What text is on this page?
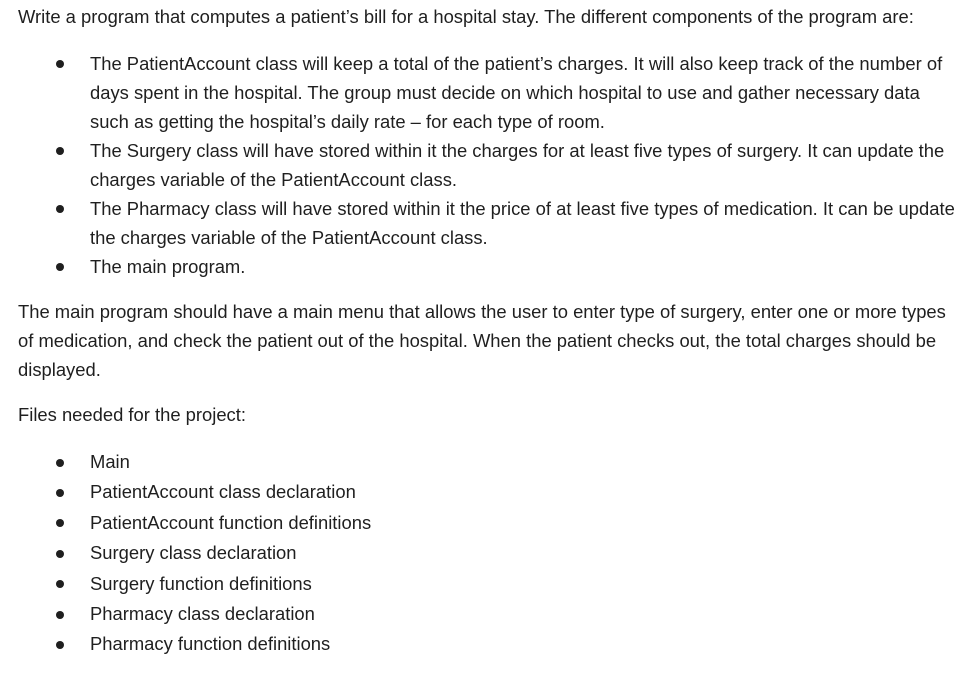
Write a program that computes a patient’s bill for a hospital stay. The different components of the program are:

The PatientAccount class will keep a total of the patient’s charges. It will also keep track of the number of days spent in the hospital. The group must decide on which hospital to use and gather necessary data such as getting the hospital’s daily rate – for each type of room.
The Surgery class will have stored within it the charges for at least five types of surgery. It can update the charges variable of the PatientAccount class.
The Pharmacy class will have stored within it the price of at least five types of medication. It can be update the charges variable of the PatientAccount class.
The main program.

The main program should have a main menu that allows the user to enter type of surgery, enter one or more types of medication, and check the patient out of the hospital. When the patient checks out, the total charges should be displayed.

Files needed for the project:

Main
PatientAccount class declaration
PatientAccount function definitions
Surgery class declaration
Surgery function definitions
Pharmacy class declaration
Pharmacy function definitions
